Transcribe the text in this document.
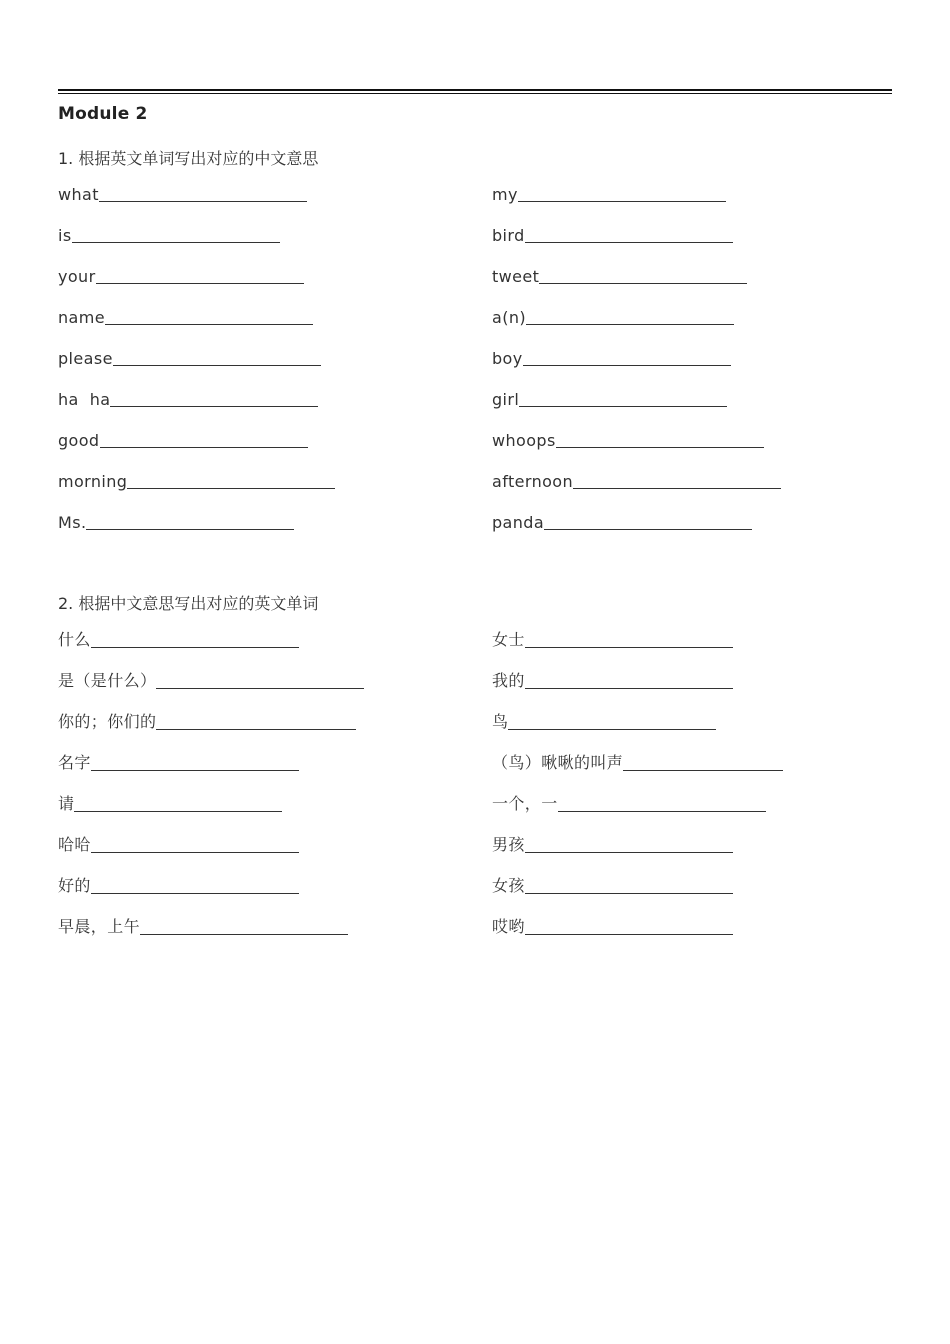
Module 2
1. 根据英文单词写出对应的中文意思
what
is
your
name
please
ha  ha
good
morning
Ms.
my
bird
tweet
a(n)
boy
girl
whoops
afternoon
panda
2. 根据中文意思写出对应的英文单词
什么
是（是什么）
你的；你们的
名字
请
哈哈
好的
早晨，上午
女士
我的
鸟
（鸟）啾啾的叫声
一个，一
男孩
女孩
哎哟
